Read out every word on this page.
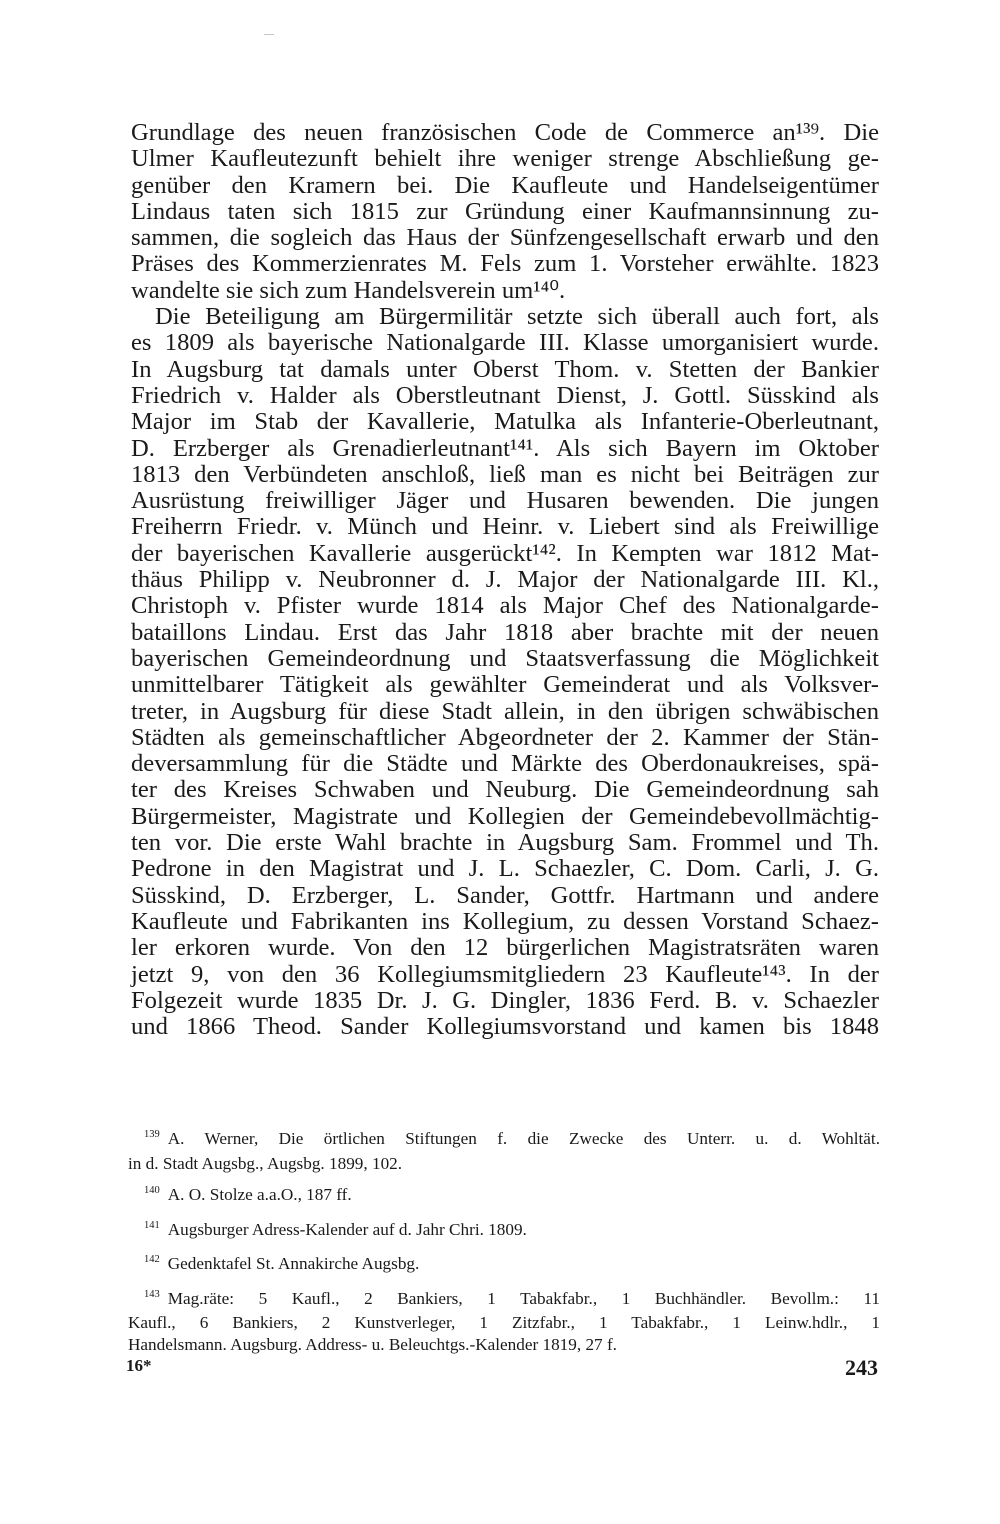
Grundlage des neuen französischen Code de Commerce an¹³⁹. Die
Ulmer Kaufleutezunft behielt ihre weniger strenge Abschließung ge-
genüber den Kramern bei. Die Kaufleute und Handelseigentümer
Lindaus taten sich 1815 zur Gründung einer Kaufmannsinnung zu-
sammen, die sogleich das Haus der Sünfzengesellschaft erwarb und den
Präses des Kommerzienrates M. Fels zum 1. Vorsteher erwählte. 1823
wandelte sie sich zum Handelsverein um¹⁴⁰.
Die Beteiligung am Bürgermilitär setzte sich überall auch fort, als
es 1809 als bayerische Nationalgarde III. Klasse umorganisiert wurde.
In Augsburg tat damals unter Oberst Thom. v. Stetten der Bankier
Friedrich v. Halder als Oberstleutnant Dienst, J. Gottl. Süsskind als
Major im Stab der Kavallerie, Matulka als Infanterie-Oberleutnant,
D. Erzberger als Grenadierleutnant¹⁴¹. Als sich Bayern im Oktober
1813 den Verbündeten anschloß, ließ man es nicht bei Beiträgen zur
Ausrüstung freiwilliger Jäger und Husaren bewenden. Die jungen
Freiherrn Friedr. v. Münch und Heinr. v. Liebert sind als Freiwillige
der bayerischen Kavallerie ausgerückt¹⁴². In Kempten war 1812 Mat-
thäus Philipp v. Neubronner d. J. Major der Nationalgarde III. Kl.,
Christoph v. Pfister wurde 1814 als Major Chef des Nationalgarde-
bataillons Lindau. Erst das Jahr 1818 aber brachte mit der neuen
bayerischen Gemeindeordnung und Staatsverfassung die Möglichkeit
unmittelbarer Tätigkeit als gewählter Gemeinderat und als Volksver-
treter, in Augsburg für diese Stadt allein, in den übrigen schwäbischen
Städten als gemeinschaftlicher Abgeordneter der 2. Kammer der Stän-
deversammlung für die Städte und Märkte des Oberdonaukreises, spä-
ter des Kreises Schwaben und Neuburg. Die Gemeindeordnung sah
Bürgermeister, Magistrate und Kollegien der Gemeindebevollmächtig-
ten vor. Die erste Wahl brachte in Augsburg Sam. Frommel und Th.
Pedrone in den Magistrat und J. L. Schaezler, C. Dom. Carli, J. G.
Süsskind, D. Erzberger, L. Sander, Gottfr. Hartmann und andere
Kaufleute und Fabrikanten ins Kollegium, zu dessen Vorstand Schaez-
ler erkoren wurde. Von den 12 bürgerlichen Magistratsräten waren
jetzt 9, von den 36 Kollegiumsmitgliedern 23 Kaufleute¹⁴³. In der
Folgezeit wurde 1835 Dr. J. G. Dingler, 1836 Ferd. B. v. Schaezler
und 1866 Theod. Sander Kollegiumsvorstand und kamen bis 1848
$^{139}$ A. Werner, Die örtlichen Stiftungen f. die Zwecke des Unterr. u. d. Wohltät.
in d. Stadt Augsbg., Augsbg. 1899, 102.
$^{140}$ A. O. Stolze a.a.O., 187 ff.
$^{141}$ Augsburger Adress-Kalender auf d. Jahr Chri. 1809.
$^{142}$ Gedenktafel St. Annakirche Augsbg.
$^{143}$ Mag.räte: 5 Kaufl., 2 Bankiers, 1 Tabakfabr., 1 Buchhändler. Bevollm.: 11
Kaufl., 6 Bankiers, 2 Kunstverleger, 1 Zitzfabr., 1 Tabakfabr., 1 Leinw.hdlr., 1
Handelsmann. Augsburg. Address- u. Beleuchtgs.-Kalender 1819, 27 f.
16*	243
